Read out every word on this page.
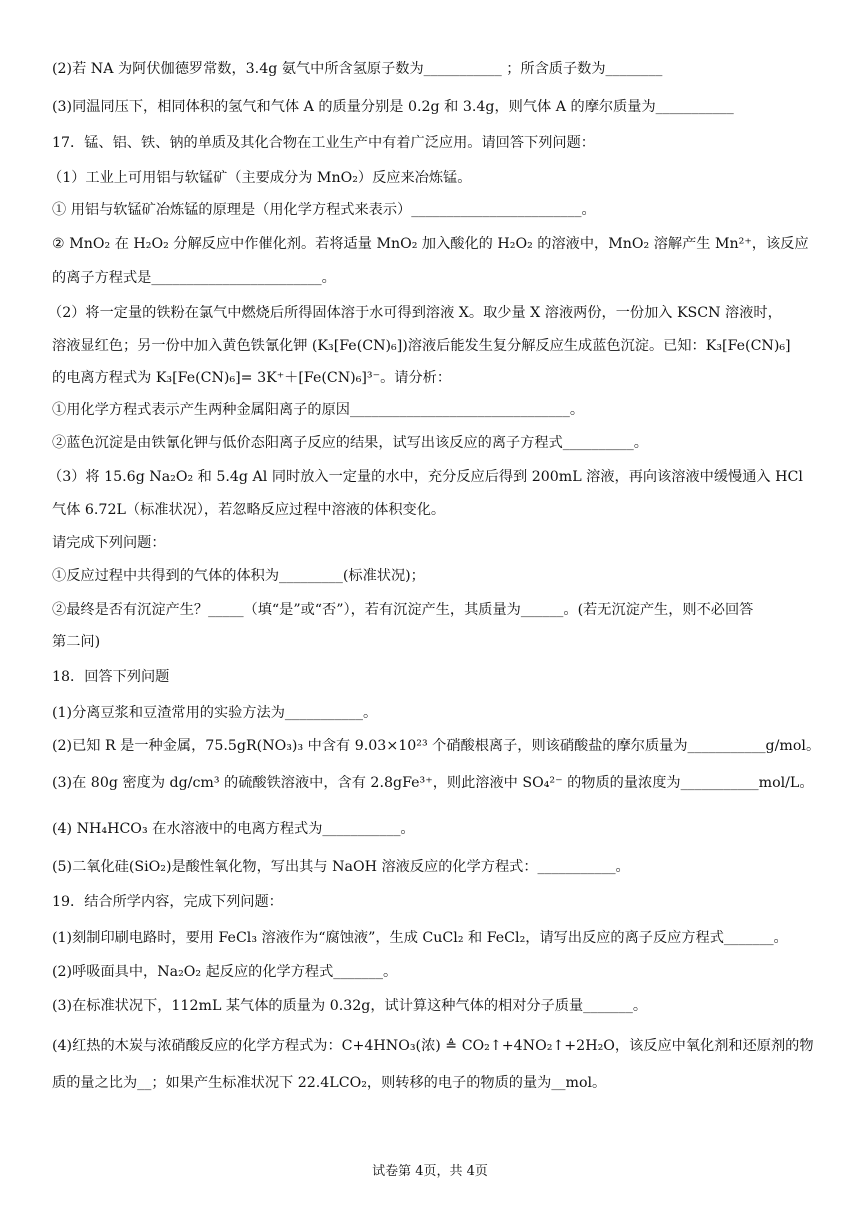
(2)若 NA 为阿伏伽德罗常数，3.4g 氨气中所含氢原子数为___________ ；所含质子数为________
(3)同温同压下，相同体积的氢气和气体 A 的质量分别是 0.2g 和 3.4g，则气体 A 的摩尔质量为___________
17．锰、铝、铁、钠的单质及其化合物在工业生产中有着广泛应用。请回答下列问题：
（1）工业上可用铝与软锰矿（主要成分为 MnO₂）反应来冶炼锰。
① 用铝与软锰矿冶炼锰的原理是（用化学方程式来表示）________________________。
② MnO₂ 在 H₂O₂ 分解反应中作催化剂。若将适量 MnO₂ 加入酸化的 H₂O₂ 的溶液中，MnO₂ 溶解产生 Mn²⁺，该反应
的离子方程式是________________________。
（2）将一定量的铁粉在氯气中燃烧后所得固体溶于水可得到溶液 X。取少量 X 溶液两份，一份加入 KSCN 溶液时，
溶液显红色；另一份中加入黄色铁氰化钾 (K₃[Fe(CN)₆])溶液后能发生复分解反应生成蓝色沉淀。已知：K₃[Fe(CN)₆]
的电离方程式为 K₃[Fe(CN)₆]= 3K⁺＋[Fe(CN)₆]³⁻。请分析：
①用化学方程式表示产生两种金属阳离子的原因_______________________________。
②蓝色沉淀是由铁氰化钾与低价态阳离子反应的结果，试写出该反应的离子方程式__________。
（3）将 15.6g Na₂O₂ 和 5.4g Al 同时放入一定量的水中，充分反应后得到 200mL 溶液，再向该溶液中缓慢通入 HCl
气体 6.72L（标准状况），若忽略反应过程中溶液的体积变化。
请完成下列问题：
①反应过程中共得到的气体的体积为_________(标准状况)；
②最终是否有沉淀产生？_____（填“是”或“否”），若有沉淀产生，其质量为______。(若无沉淀产生，则不必回答
第二问)
18．回答下列问题
(1)分离豆浆和豆渣常用的实验方法为___________。
(2)已知 R 是一种金属，75.5gR(NO₃)₃ 中含有 9.03×10²³ 个硝酸根离子，则该硝酸盐的摩尔质量为___________g/mol。
(3)在 80g 密度为 dg/cm³ 的硫酸铁溶液中，含有 2.8gFe³⁺，则此溶液中 SO₄²⁻ 的物质的量浓度为___________mol/L。
(4) NH₄HCO₃ 在水溶液中的电离方程式为___________。
(5)二氧化硅(SiO₂)是酸性氧化物，写出其与 NaOH 溶液反应的化学方程式：___________。
19．结合所学内容，完成下列问题：
(1)刻制印刷电路时，要用 FeCl₃ 溶液作为“腐蚀液”，生成 CuCl₂ 和 FeCl₂，请写出反应的离子反应方程式_______。
(2)呼吸面具中，Na₂O₂ 起反应的化学方程式_______。
(3)在标准状况下，112mL 某气体的质量为 0.32g，试计算这种气体的相对分子质量_______。
(4)红热的木炭与浓硝酸反应的化学方程式为：C+4HNO₃(浓) ≜ CO₂↑+4NO₂↑+2H₂O，该反应中氧化剂和还原剂的物
质的量之比为__；如果产生标准状况下 22.4LCO₂，则转移的电子的物质的量为__mol。
试卷第 4页，共 4页
